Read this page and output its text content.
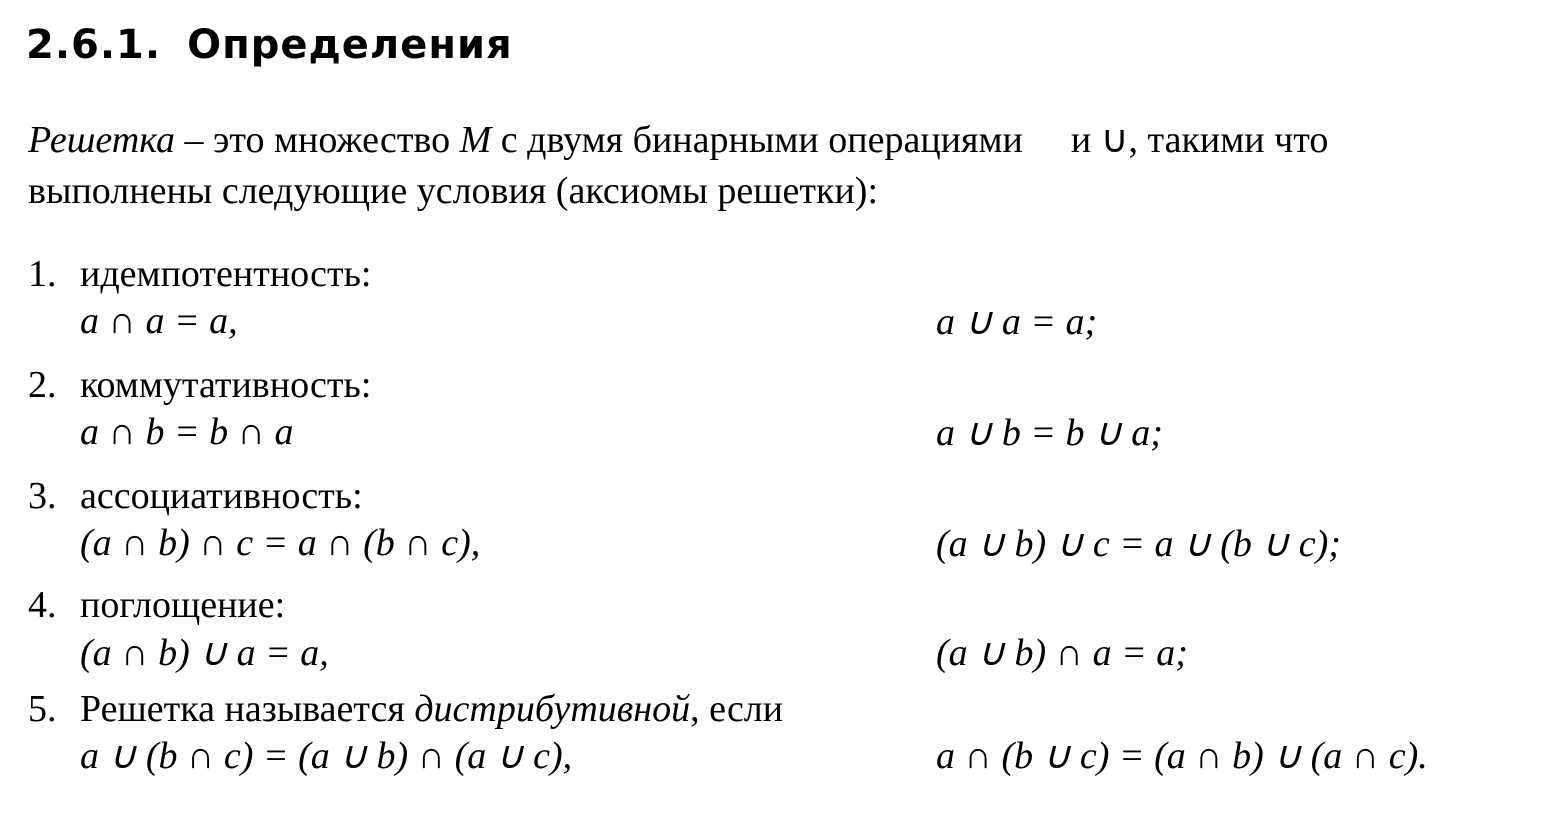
2.6.1. Определения
Решетка – это множество M с двумя бинарными операциями и ∪, такими что
выполнены следующие условия (аксиомы решетки):
1. идемпотентность:
a ∩ a = a,	a ∪ a = a;
2. коммутативность:
a ∩ b = b ∩ a	a ∪ b = b ∪ a;
3. ассоциативность:
(a ∩ b) ∩ c = a ∩ (b ∩ c),	(a ∪ b) ∪ c = a ∪ (b ∪ c);
4. поглощение:
(a ∩ b) ∪ a = a,	(a ∪ b) ∩ a = a;
5. Решетка называется дистрибутивной, если
a ∪ (b ∩ c) = (a ∪ b) ∩ (a ∪ c),	a ∩ (b ∪ c) = (a ∩ b) ∪ (a ∩ c).
